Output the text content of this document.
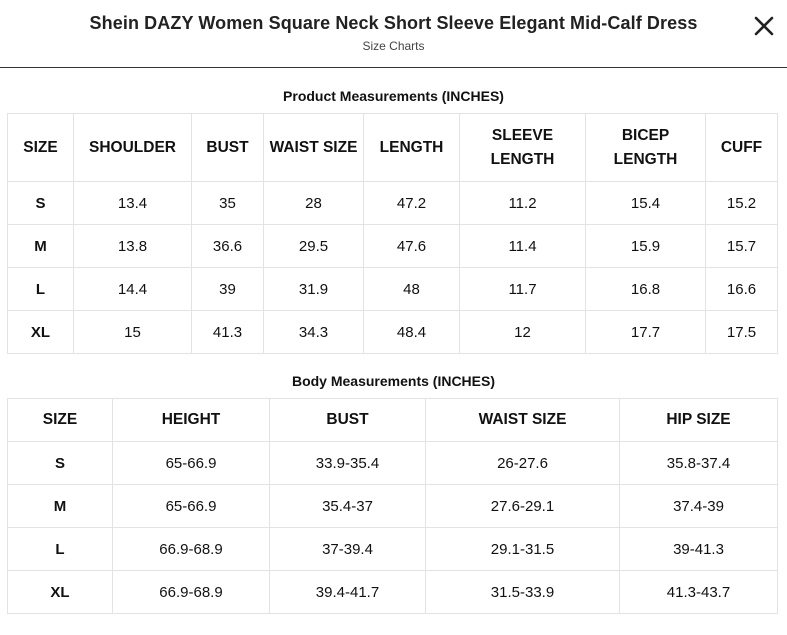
Shein DAZY Women Square Neck Short Sleeve Elegant Mid-Calf Dress
Size Charts
Product Measurements (INCHES)
SIZE	SHOULDER	BUST	WAIST SIZE	LENGTH	SLEEVE LENGTH	BICEP LENGTH	CUFF
S	13.4	35	28	47.2	11.2	15.4	15.2
M	13.8	36.6	29.5	47.6	11.4	15.9	15.7
L	14.4	39	31.9	48	11.7	16.8	16.6
XL	15	41.3	34.3	48.4	12	17.7	17.5
Body Measurements (INCHES)
SIZE	HEIGHT	BUST	WAIST SIZE	HIP SIZE
S	65-66.9	33.9-35.4	26-27.6	35.8-37.4
M	65-66.9	35.4-37	27.6-29.1	37.4-39
L	66.9-68.9	37-39.4	29.1-31.5	39-41.3
XL	66.9-68.9	39.4-41.7	31.5-33.9	41.3-43.7
